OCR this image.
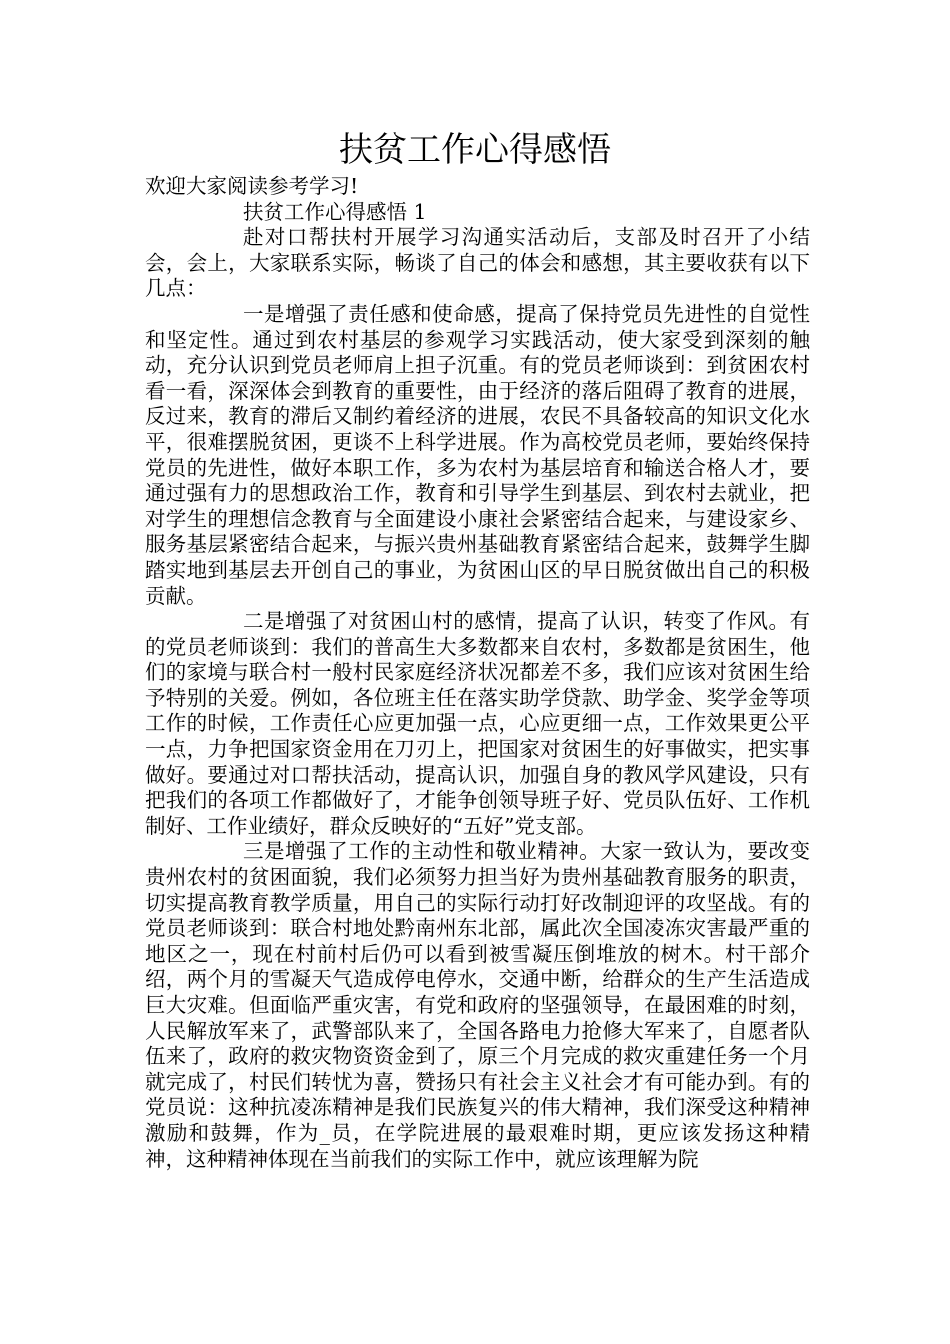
扶贫工作心得感悟

欢迎大家阅读参考学习!

扶贫工作心得感悟 1

赴对口帮扶村开展学习沟通实活动后，支部及时召开了小结会，会上，大家联系实际，畅谈了自己的体会和感想，其主要收获有以下几点：

一是增强了责任感和使命感，提高了保持党员先进性的自觉性和坚定性。通过到农村基层的参观学习实践活动，使大家受到深刻的触动，充分认识到党员老师肩上担子沉重。有的党员老师谈到：到贫困农村看一看，深深体会到教育的重要性，由于经济的落后阻碍了教育的进展，反过来，教育的滞后又制约着经济的进展，农民不具备较高的知识文化水平，很难摆脱贫困，更谈不上科学进展。作为高校党员老师，要始终保持党员的先进性，做好本职工作，多为农村为基层培育和输送合格人才，要通过强有力的思想政治工作，教育和引导学生到基层、到农村去就业，把对学生的理想信念教育与全面建设小康社会紧密结合起来，与建设家乡、服务基层紧密结合起来，与振兴贵州基础教育紧密结合起来，鼓舞学生脚踏实地到基层去开创自己的事业，为贫困山区的早日脱贫做出自己的积极贡献。

二是增强了对贫困山村的感情，提高了认识，转变了作风。有的党员老师谈到：我们的普高生大多数都来自农村，多数都是贫困生，他们的家境与联合村一般村民家庭经济状况都差不多，我们应该对贫困生给予特别的关爱。例如，各位班主任在落实助学贷款、助学金、奖学金等项工作的时候，工作责任心应更加强一点，心应更细一点，工作效果更公平一点，力争把国家资金用在刀刃上，把国家对贫困生的好事做实，把实事做好。要通过对口帮扶活动，提高认识，加强自身的教风学风建设，只有把我们的各项工作都做好了，才能争创领导班子好、党员队伍好、工作机制好、工作业绩好，群众反映好的“五好”党支部。

三是增强了工作的主动性和敬业精神。大家一致认为，要改变贵州农村的贫困面貌，我们必须努力担当好为贵州基础教育服务的职责，切实提高教育教学质量，用自己的实际行动打好改制迎评的攻坚战。有的党员老师谈到：联合村地处黔南州东北部，属此次全国凌冻灾害最严重的地区之一，现在村前村后仍可以看到被雪凝压倒堆放的树木。村干部介绍，两个月的雪凝天气造成停电停水，交通中断，给群众的生产生活造成巨大灾难。但面临严重灾害，有党和政府的坚强领导，在最困难的时刻，人民解放军来了，武警部队来了，全国各路电力抢修大军来了，自愿者队伍来了，政府的救灾物资资金到了，原三个月完成的救灾重建任务一个月就完成了，村民们转忧为喜，赞扬只有社会主义社会才有可能办到。有的党员说：这种抗凌冻精神是我们民族复兴的伟大精神，我们深受这种精神激励和鼓舞，作为_员，在学院进展的最艰难时期，更应该发扬这种精神，这种精神体现在当前我们的实际工作中，就应该理解为院
